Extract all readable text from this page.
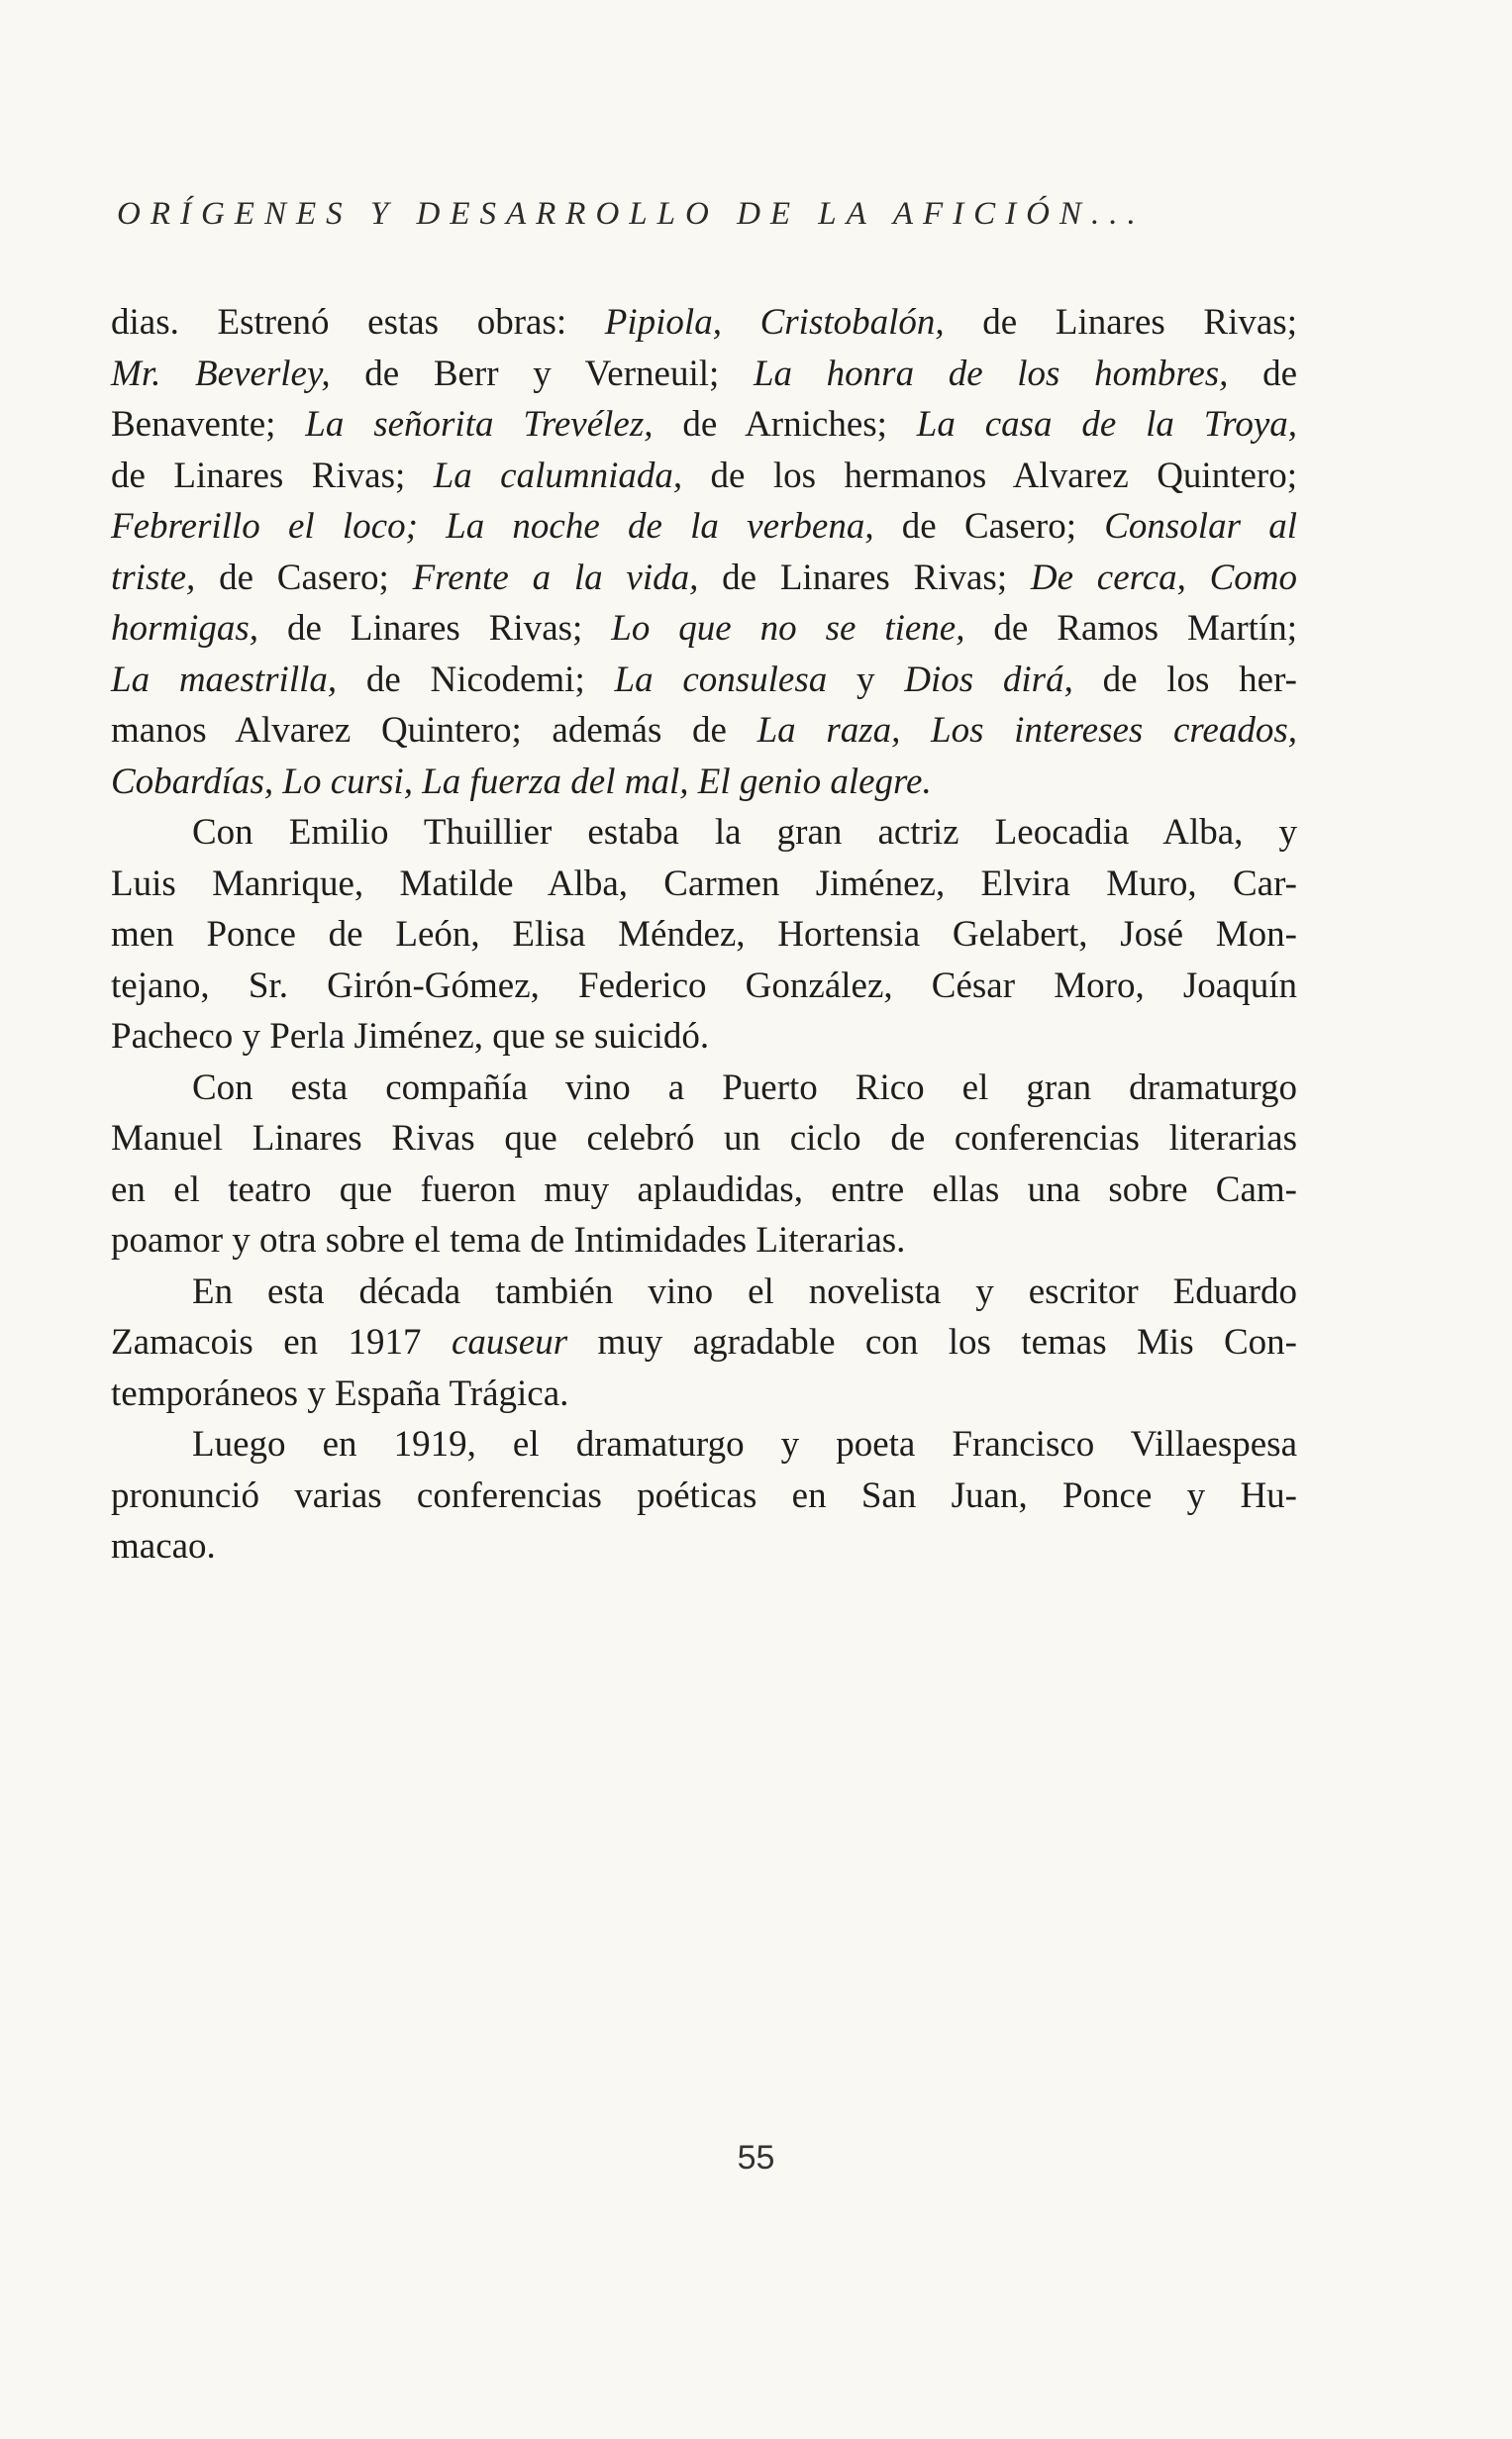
ORÍGENES Y DESARROLLO DE LA AFICIÓN...
dias. Estrenó estas obras: Pipiola, Cristobalón, de Linares Rivas;
Mr. Beverley, de Berr y Verneuil; La honra de los hombres, de
Benavente; La señorita Trevélez, de Arniches; La casa de la Troya,
de Linares Rivas; La calumniada, de los hermanos Alvarez Quintero;
Febrerillo el loco; La noche de la verbena, de Casero; Consolar al
triste, de Casero; Frente a la vida, de Linares Rivas; De cerca, Como
hormigas, de Linares Rivas; Lo que no se tiene, de Ramos Martín;
La maestrilla, de Nicodemi; La consulesa y Dios dirá, de los her-
manos Alvarez Quintero; además de La raza, Los intereses creados,
Cobardías, Lo cursi, La fuerza del mal, El genio alegre.
Con Emilio Thuillier estaba la gran actriz Leocadia Alba, y
Luis Manrique, Matilde Alba, Carmen Jiménez, Elvira Muro, Car-
men Ponce de León, Elisa Méndez, Hortensia Gelabert, José Mon-
tejano, Sr. Girón-Gómez, Federico González, César Moro, Joaquín
Pacheco y Perla Jiménez, que se suicidó.
Con esta compañía vino a Puerto Rico el gran dramaturgo
Manuel Linares Rivas que celebró un ciclo de conferencias literarias
en el teatro que fueron muy aplaudidas, entre ellas una sobre Cam-
poamor y otra sobre el tema de Intimidades Literarias.
En esta década también vino el novelista y escritor Eduardo
Zamacois en 1917 causeur muy agradable con los temas Mis Con-
temporáneos y España Trágica.
Luego en 1919, el dramaturgo y poeta Francisco Villaespesa
pronunció varias conferencias poéticas en San Juan, Ponce y Hu-
macao.
55
